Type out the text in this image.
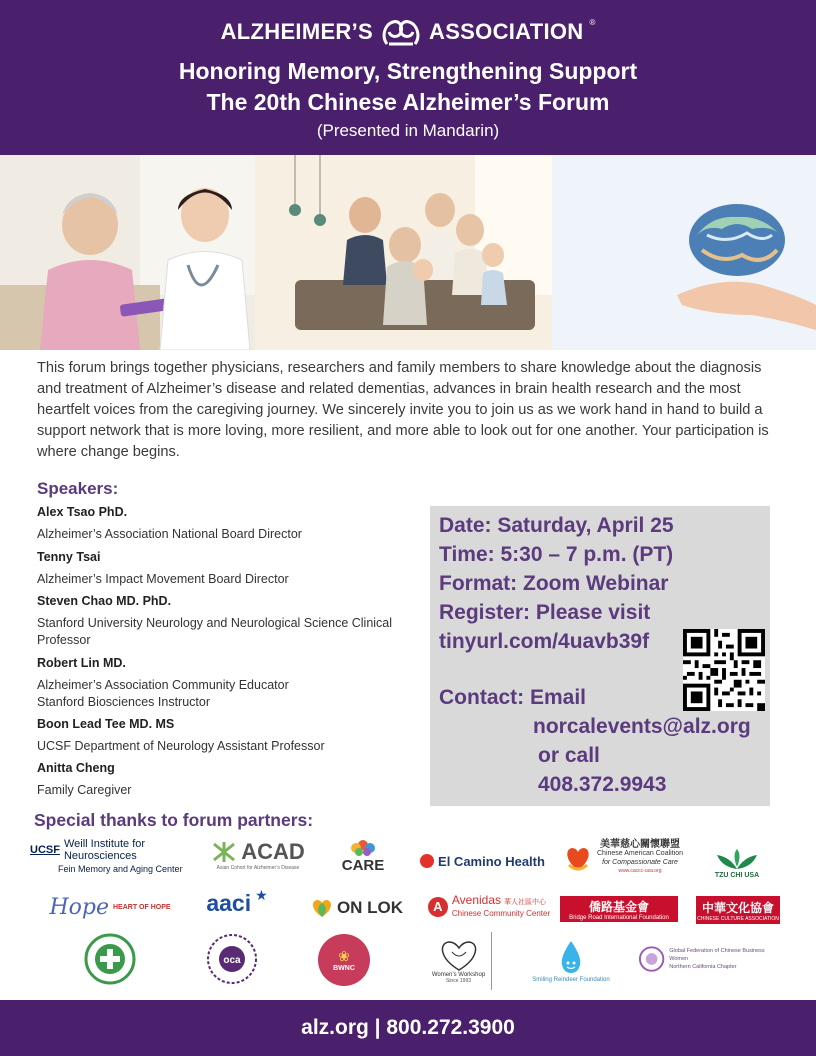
ALZHEIMER’S	ASSOCIATION ®
Honoring Memory, Strengthening Support
The 20th Chinese Alzheimer’s Forum
(Presented in Mandarin)
This forum brings together physicians, researchers and family members to share knowledge about the diagnosis and treatment of Alzheimer’s disease and related dementias, advances in brain health research and the most heartfelt voices from the caregiving journey. We sincerely invite you to join us as we work hand in hand to build a support network that is more loving, more resilient, and more able to look out for one another. Your participation is where change begins.
Speakers:
Alex Tsao PhD.
Alzheimer’s Association National Board Director
Tenny Tsai
Alzheimer’s Impact Movement Board Director
Steven Chao MD. PhD.
Stanford University Neurology and Neurological Science Clinical Professor
Robert Lin MD.
Alzheimer’s Association Community Educator Stanford Biosciences Instructor
Boon Lead Tee MD. MS
UCSF Department of Neurology Assistant Professor
Anitta Cheng
Family Caregiver
Date: Saturday, April 25
Time: 5:30 – 7 p.m. (PT)
Format: Zoom Webinar
Register: Please visit
tinyurl.com/4uavb39f
Contact: Email
norcalevents@alz.org
or call
408.372.9943
Special thanks to forum partners:
UCSF Weill Institute for Neurosciences
Fein Memory and Aging Center
ACAD
Asian Cohort for Alzheimer’s Disease	CARE	El Camino Health
美華慈心關懷聯盟
Chinese American Coalition
for Compassionate Care
www.caccc-usa.org
TZU CHI USA
Hope HEART OF HOPE aaci ★
ON LOK	A Avenidas 華人社區中心
Chinese Community Center	僑路基金會
Bridge Road International Foundation
中華文化協會
CHINESE CULTURE ASSOCIATION
oca	❀
BWNC
Women’s Workshop
Since 1993	Smiling Reindeer Foundation
Global Federation of Chinese Business Women
Northern California Chapter
alz.org | 800.272.3900
